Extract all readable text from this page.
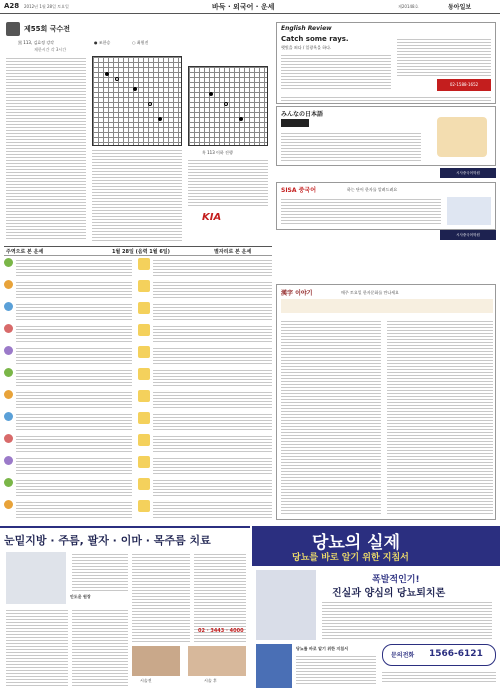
A28 2012년 1월 28일 토요일	바둑 · 외국어 · 운세	제20148호	동아일보
제55회 국수전
黑 113, 김효정 강각	● 조한승	○ 최원진
제한시간 각 3시간
흑 113 이하 진행
KIA
English Review
Catch some rays.
햇빛을 쐬다 / 일광욕을 하다.
02-1588-1652
みんなの日本語
시사중국어학원
SISA 중국어	하는 단어 한자를 알려드려요
시사중국어학원
주역으로 본 운세	1월 28일 (음력 1월 6일)	별자리로 본 운세
漢字 이야기	매주 토요일 한자문화를 만나세요
눈밑지방 · 주름, 팔자 · 이마 · 목주름 치료
안도윤 원장
시술전	시술 후
02 · 3443 · 4000
당뇨의 실제
당뇨를 바로 알기 위한 지침서
폭발적인기!
진실과 양심의 당뇨퇴치론
당뇨를 바로 알기 위한 지침서
문의전화 1566-6121
